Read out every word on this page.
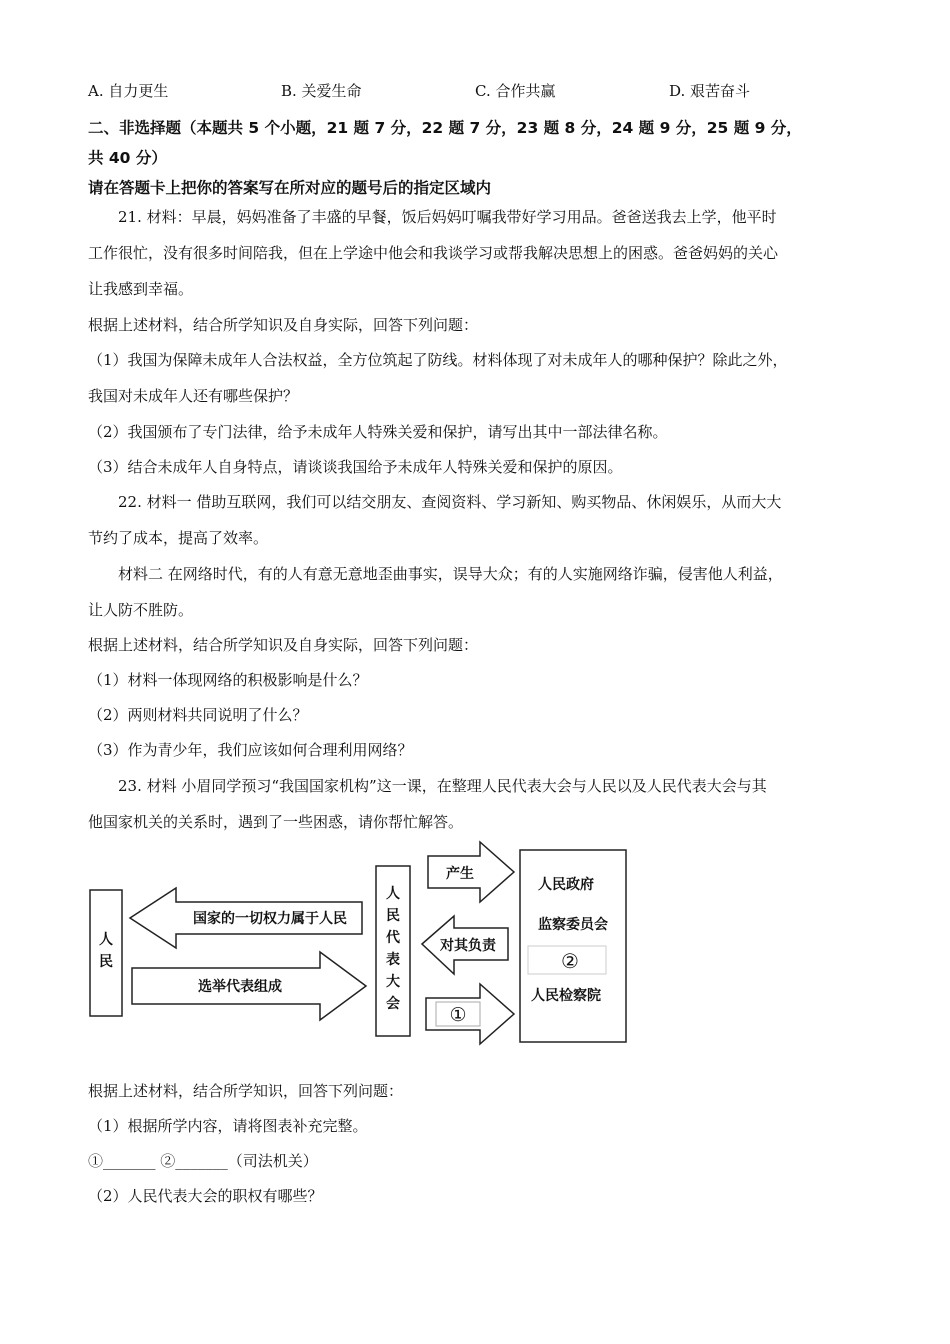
A. 自力更生	B. 关爱生命	C. 合作共赢	D. 艰苦奋斗
二、非选择题（本题共 5 个小题，21 题 7 分，22 题 7 分，23 题 8 分，24 题 9 分，25 题 9 分，
共 40 分）
请在答题卡上把你的答案写在所对应的题号后的指定区域内
21. 材料：早晨，妈妈准备了丰盛的早餐，饭后妈妈叮嘱我带好学习用品。爸爸送我去上学，他平时
工作很忙，没有很多时间陪我，但在上学途中他会和我谈学习或帮我解决思想上的困惑。爸爸妈妈的关心
让我感到幸福。
根据上述材料，结合所学知识及自身实际，回答下列问题：
（1）我国为保障未成年人合法权益，全方位筑起了防线。材料体现了对未成年人的哪种保护？除此之外，
我国对未成年人还有哪些保护？
（2）我国颁布了专门法律，给予未成年人特殊关爱和保护，请写出其中一部法律名称。
（3）结合未成年人自身特点，请谈谈我国给予未成年人特殊关爱和保护的原因。
22. 材料一 借助互联网，我们可以结交朋友、查阅资料、学习新知、购买物品、休闲娱乐，从而大大
节约了成本，提高了效率。
材料二 在网络时代，有的人有意无意地歪曲事实，误导大众；有的人实施网络诈骗，侵害他人利益，
让人防不胜防。
根据上述材料，结合所学知识及自身实际，回答下列问题：
（1）材料一体现网络的积极影响是什么？
（2）两则材料共同说明了什么？
（3）作为青少年，我们应该如何合理利用网络？
23. 材料 小眉同学预习“我国国家机构”这一课，在整理人民代表大会与人民以及人民代表大会与其
他国家机关的关系时，遇到了一些困惑，请你帮忙解答。
人
民
国家的一切权力属于人民
选举代表组成
人
民
代
表
大
会
产生
对其负责
①
人民政府
监察委员会
②
人民检察院
根据上述材料，结合所学知识，回答下列问题：
（1）根据所学内容，请将图表补充完整。
①_______ ②_______（司法机关）
（2）人民代表大会的职权有哪些？
